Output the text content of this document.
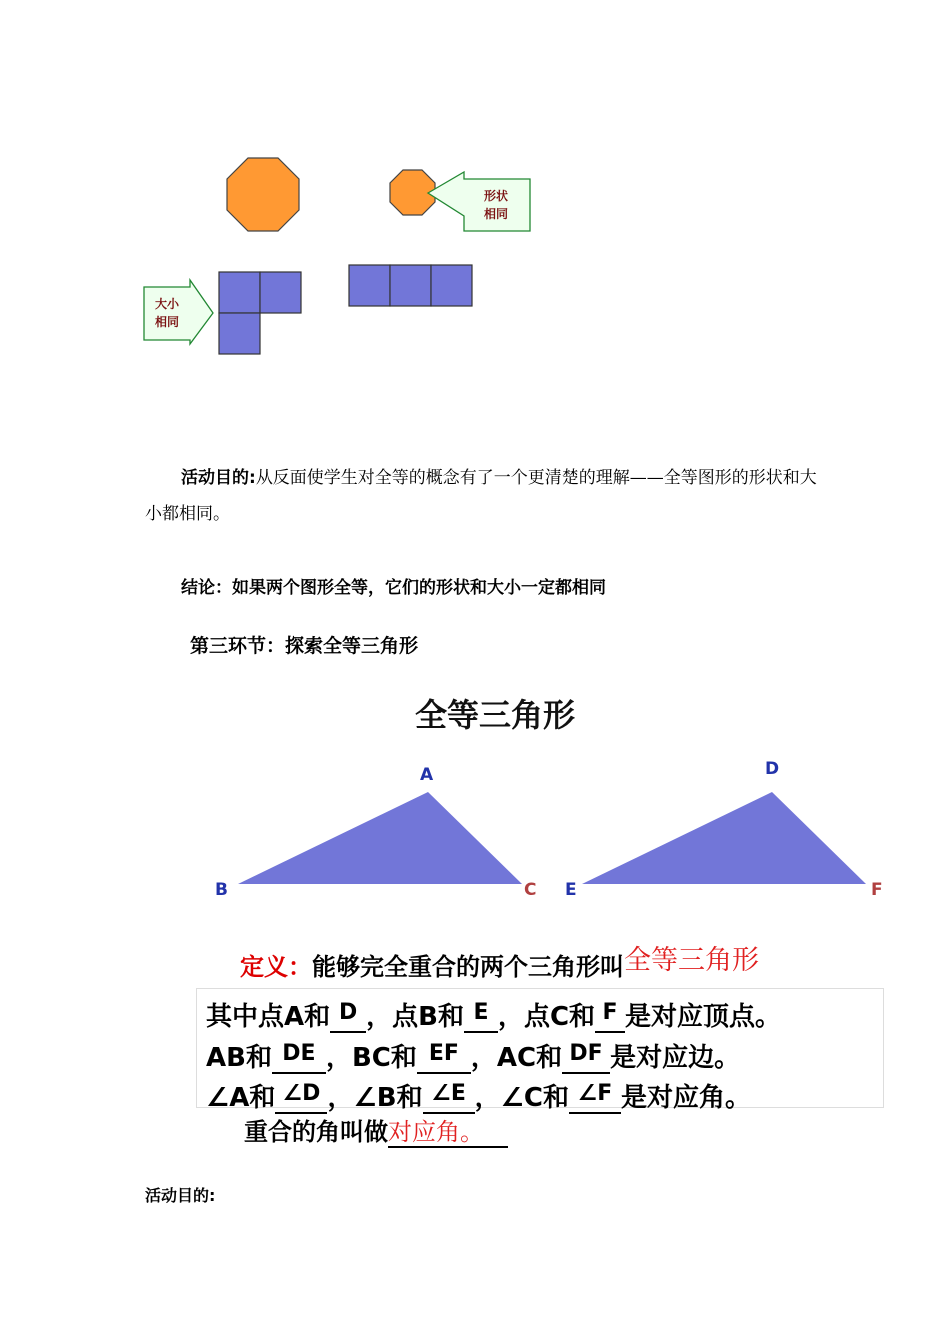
形状
相同
大小
相同
活动目的:从反面使学生对全等的概念有了一个更清楚的理解——全等图形的形状和大小都相同。
结论：如果两个图形全等，它们的形状和大小一定都相同
第三环节：探索全等三角形
全等三角形
A
B	C
D
E	F
定义：能够完全重合的两个三角形叫全等三角形
其中点A和 D ，点B和 E ，点C和 F 是对应顶点。
AB和 DE ，BC和 EF ，AC和 DF 是对应边。
∠A和 ∠D ，∠B和 ∠E ，∠C和 ∠F 是对应角。
重合的角叫做对应角。
活动目的:
